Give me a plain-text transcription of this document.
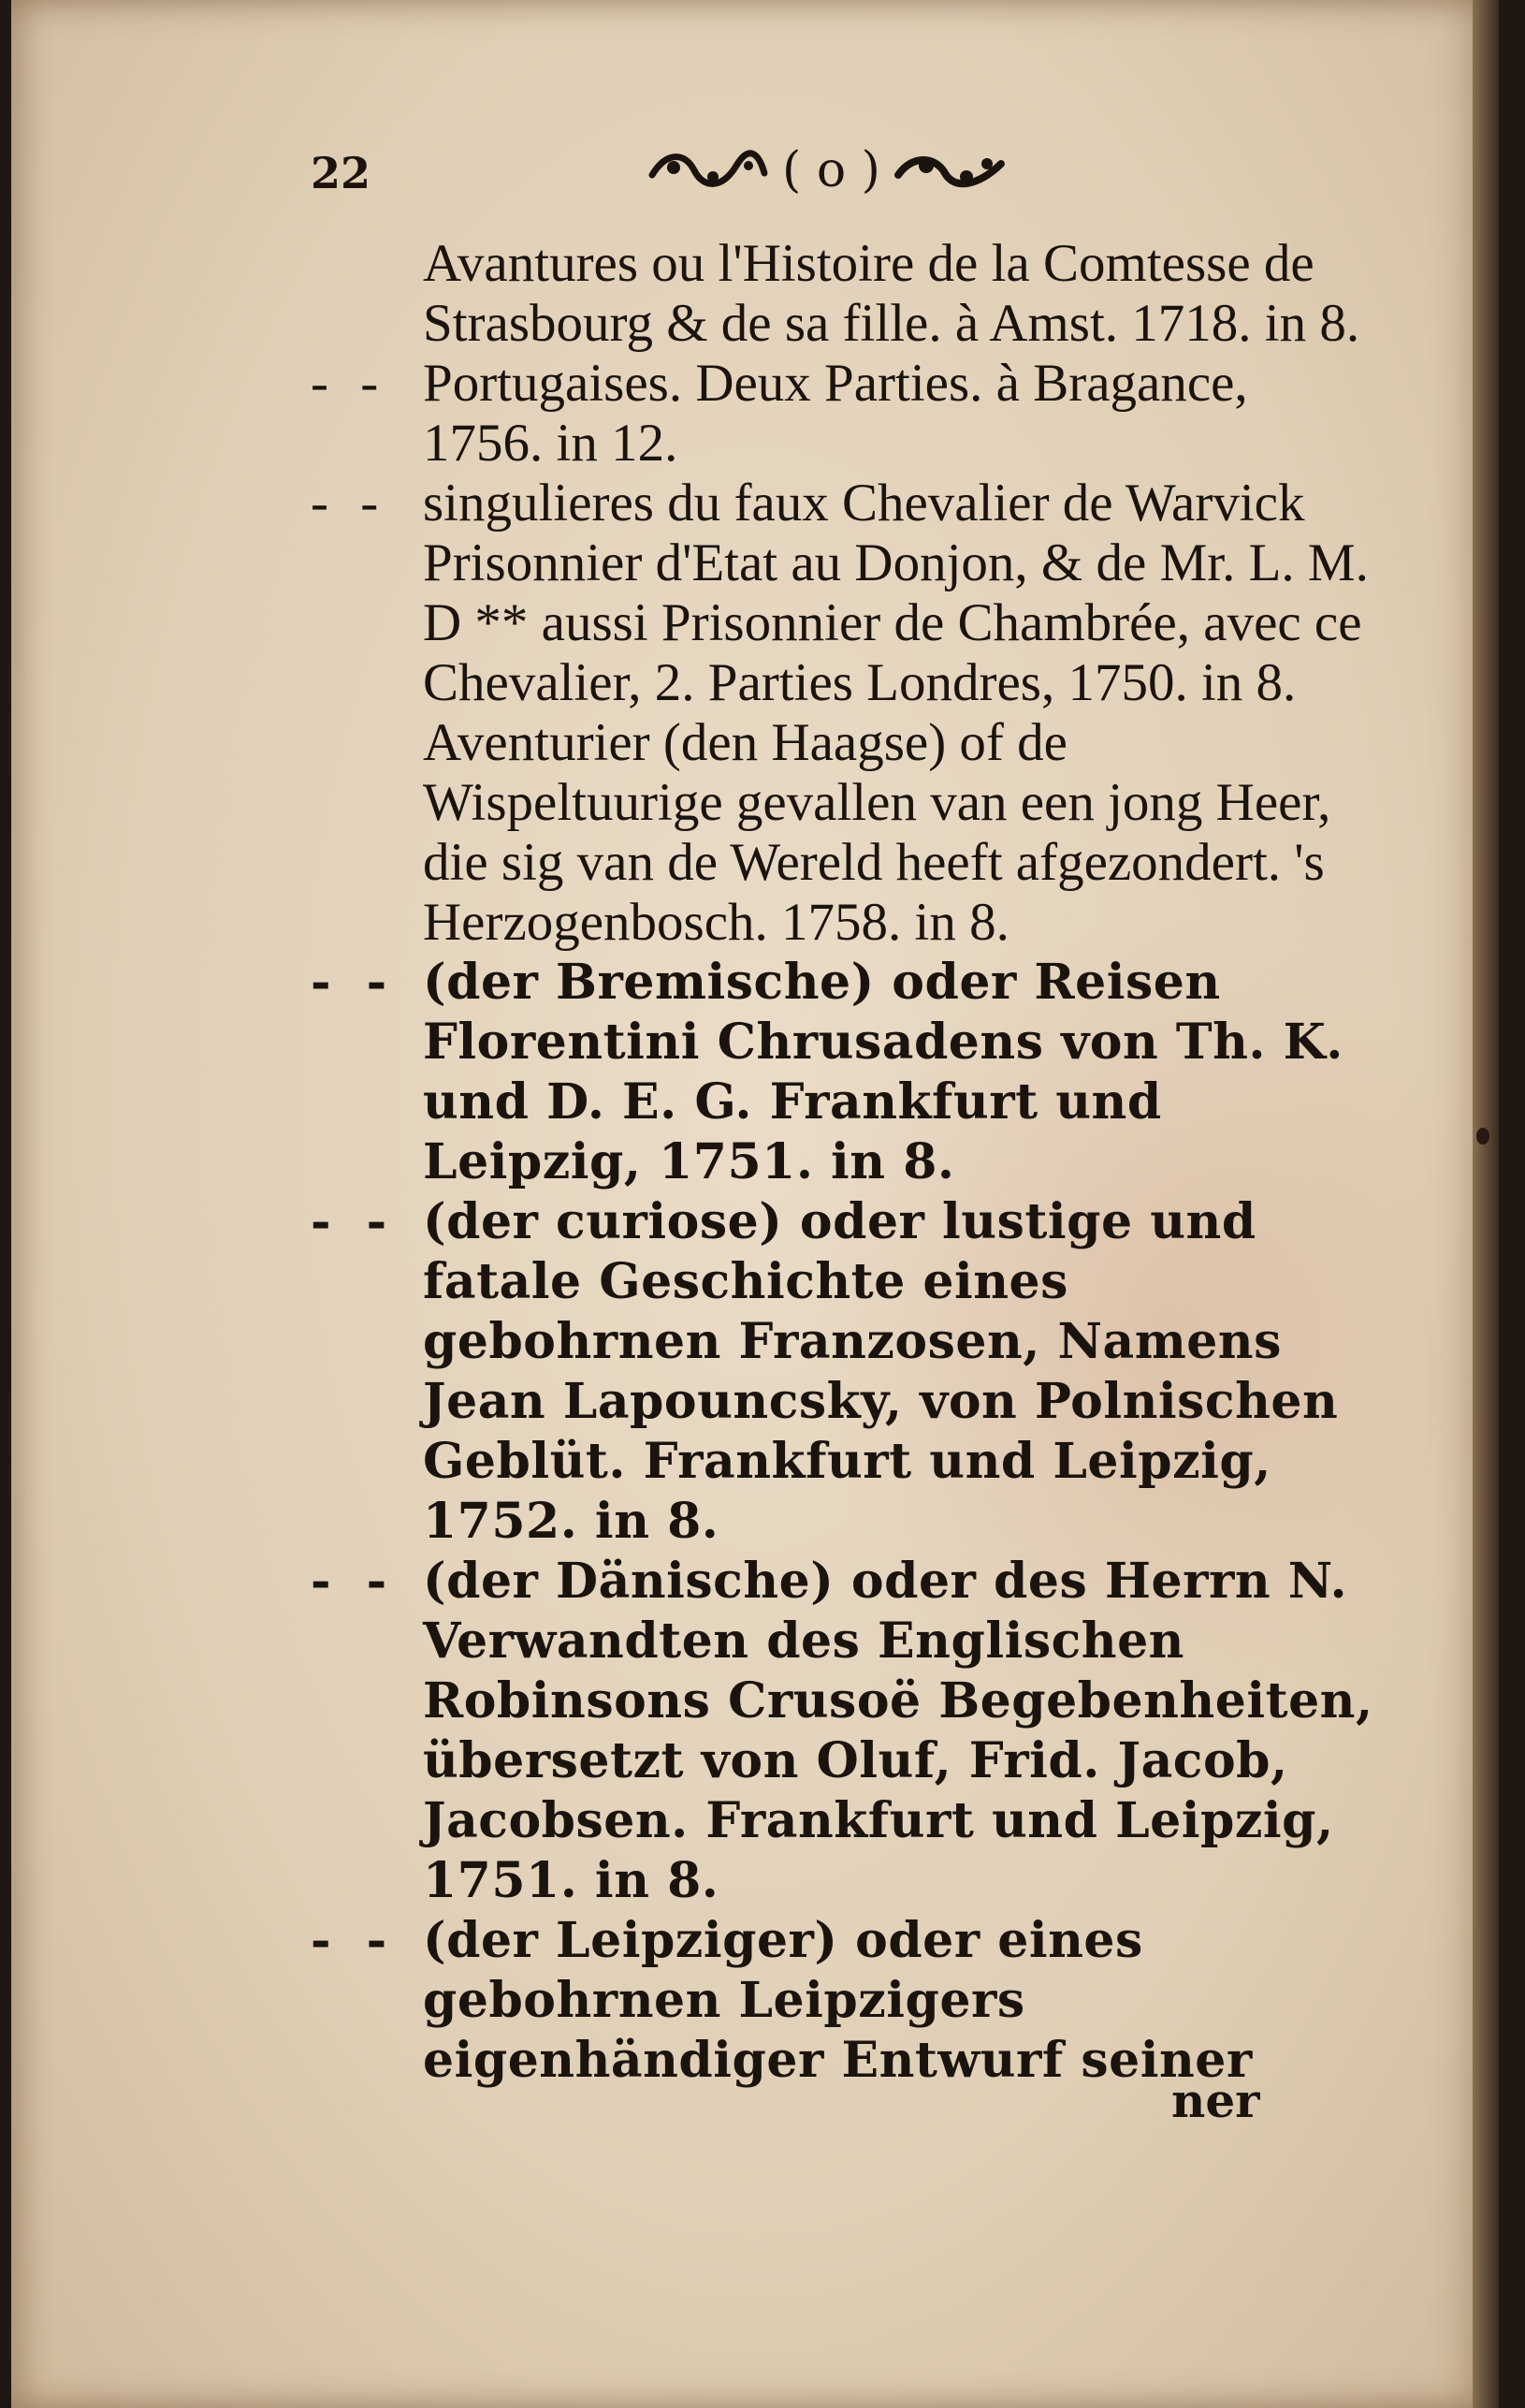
22	( o )

Avantures ou l'Histoire de la Comtesse de Strasbourg & de sa fille. à Amst. 1718. in 8.

- - Portugaises. Deux Parties. à Bragance, 1756. in 12.

- - singulieres du faux Chevalier de Warvick Prisonnier d'Etat au Donjon, & de Mr. L. M. D ** aussi Prisonnier de Chambrée, avec ce Chevalier, 2. Parties Londres, 1750. in 8.

Aventurier (den Haagse) of de Wispeltuurige gevallen van een jong Heer, die sig van de Wereld heeft afgezondert. 's Herzogenbosch. 1758. in 8.

- - (der Bremische) oder Reisen Florentini Chrusadens von Th. K. und D. E. G. Frankfurt und Leipzig, 1751. in 8.

- - (der curiose) oder lustige und fatale Geschichte eines gebohrnen Franzosen, Namens Jean Lapouncsky, von Polnischen Geblüt. Frankfurt und Leipzig, 1752. in 8.

- - (der Dänische) oder des Herrn N. Verwandten des Englischen Robinsons Crusoë Begebenheiten, übersetzt von Oluf, Frid. Jacob, Jacobsen. Frankfurt und Leipzig, 1751. in 8.

- - (der Leipziger) oder eines gebohrnen Leipzigers eigenhändiger Entwurf seiner

ner
